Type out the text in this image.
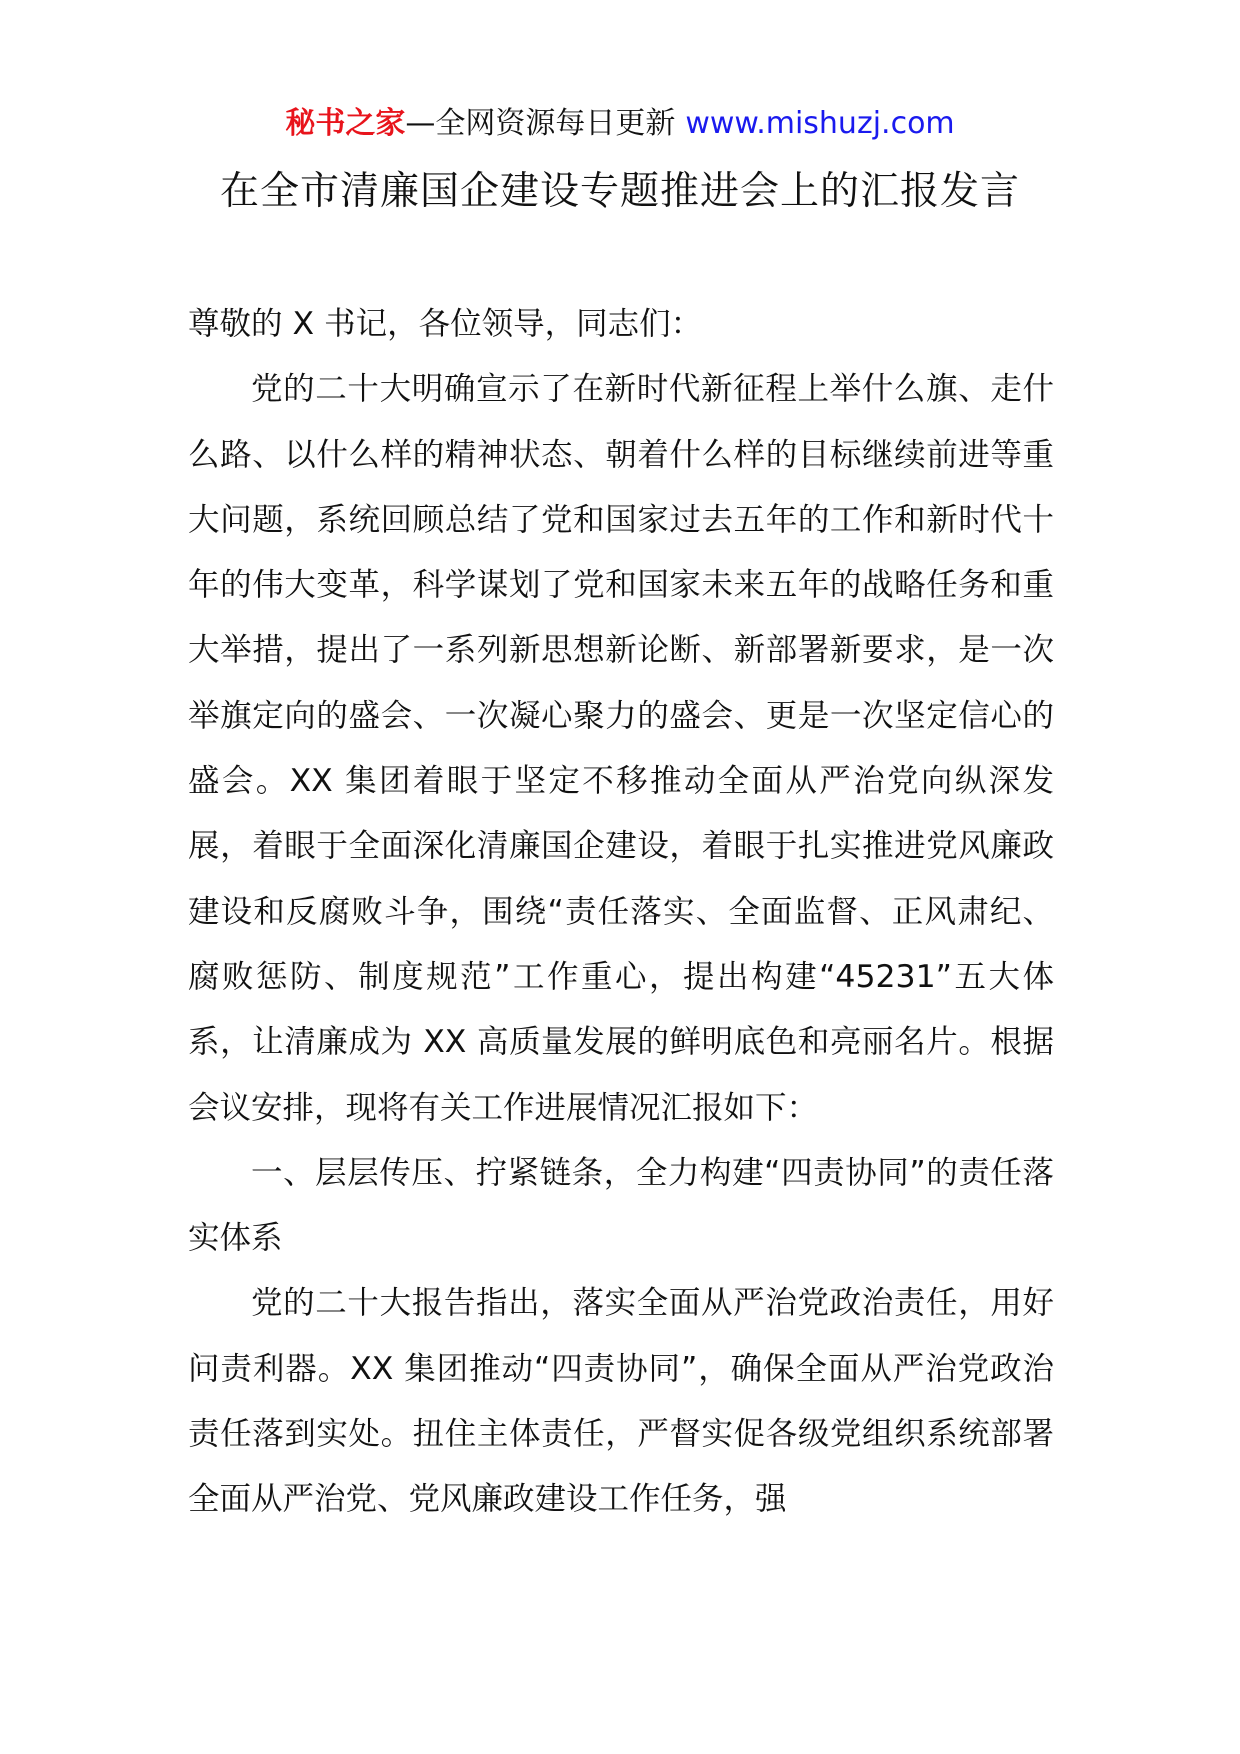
秘书之家—全网资源每日更新 www.mishuzj.com
在全市清廉国企建设专题推进会上的汇报发言

尊敬的 X 书记，各位领导，同志们：

党的二十大明确宣示了在新时代新征程上举什么旗、走什么路、以什么样的精神状态、朝着什么样的目标继续前进等重大问题，系统回顾总结了党和国家过去五年的工作和新时代十年的伟大变革，科学谋划了党和国家未来五年的战略任务和重大举措，提出了一系列新思想新论断、新部署新要求，是一次举旗定向的盛会、一次凝心聚力的盛会、更是一次坚定信心的盛会。XX 集团着眼于坚定不移推动全面从严治党向纵深发展，着眼于全面深化清廉国企建设，着眼于扎实推进党风廉政建设和反腐败斗争，围绕“责任落实、全面监督、正风肃纪、腐败惩防、制度规范”工作重心，提出构建“45231”五大体系，让清廉成为 XX 高质量发展的鲜明底色和亮丽名片。根据会议安排，现将有关工作进展情况汇报如下：

一、层层传压、拧紧链条，全力构建“四责协同”的责任落实体系

党的二十大报告指出，落实全面从严治党政治责任，用好问责利器。XX 集团推动“四责协同”，确保全面从严治党政治责任落到实处。扭住主体责任，严督实促各级党组织系统部署全面从严治党、党风廉政建设工作任务，强
